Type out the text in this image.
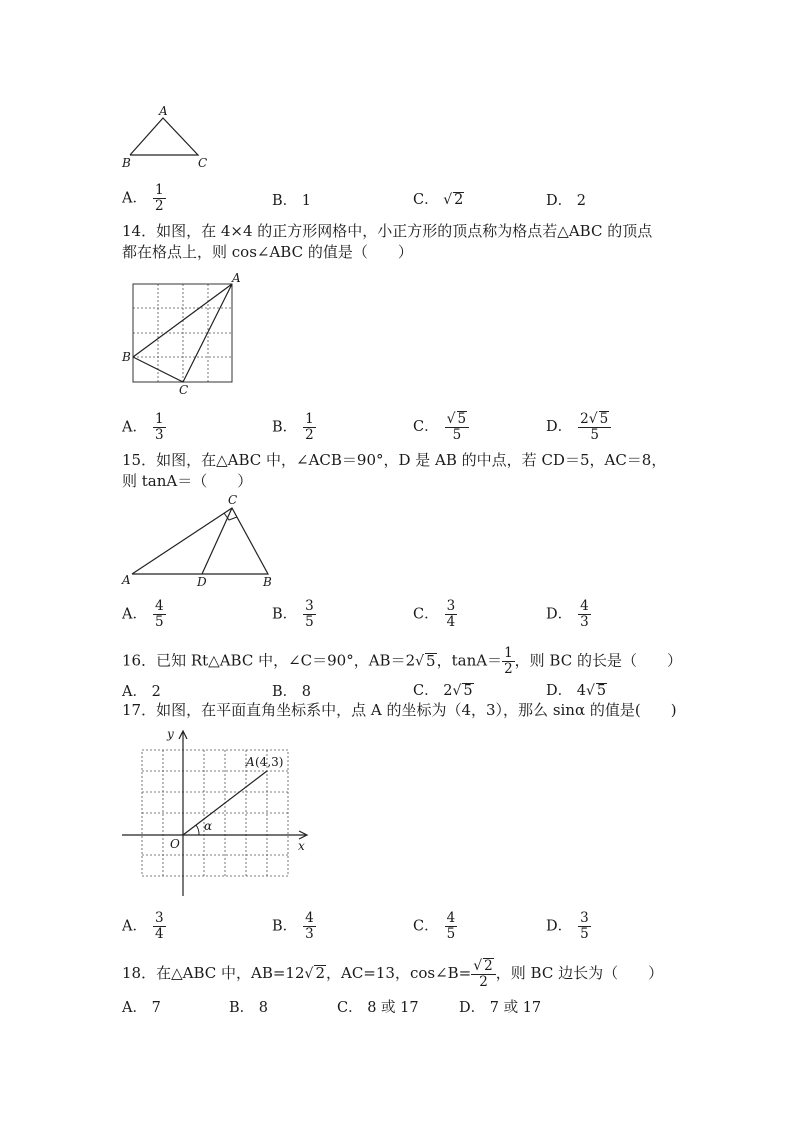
A
B	C
A． $\frac{1}{2}$	B． 1	C． √ 2	D． 2
14．如图，在 4×4 的正方形网格中，小正方形的顶点称为格点若△ABC 的顶点
都在格点上，则 cos∠ABC 的值是（　　）
A
B
C
A． $\frac{1}{3}$	B． $\frac{1}{2}$	C． $\frac{√ 5}{5}$	D． $\frac{2√ 5}{5}$
15．如图，在△ABC 中，∠ACB＝90°，D 是 AB 的中点，若 CD＝5，AC＝8，
则 tanA＝（　　）
C
A	D	B
A． $\frac{4}{5}$	B． $\frac{3}{5}$	C． $\frac{3}{4}$	D． $\frac{4}{3}$
16．已知 Rt△ABC 中，∠C＝90°，AB＝2√ 5，$\tan A= \frac{1}{2}$ ，则 BC 的长是（　　）
A． 2	B． 8	C． 2√ 5	D． 4√ 5
17．如图，在平面直角坐标系中，点 A 的坐标为（4，3），那么 sinα 的值是(　　)
y
x
O
A (4,3)
α
A． $\frac{3}{4}$	B． $\frac{4}{3}$	C． $\frac{4}{5}$	D． $\frac{3}{5}$
18．在△ABC 中，AB=12√ 2，AC=13，cos∠B= $\frac{√ 2}{2}$ ，则 BC 边长为（　　）
A． 7	B． 8	C． 8 或 17	D． 7 或 17
